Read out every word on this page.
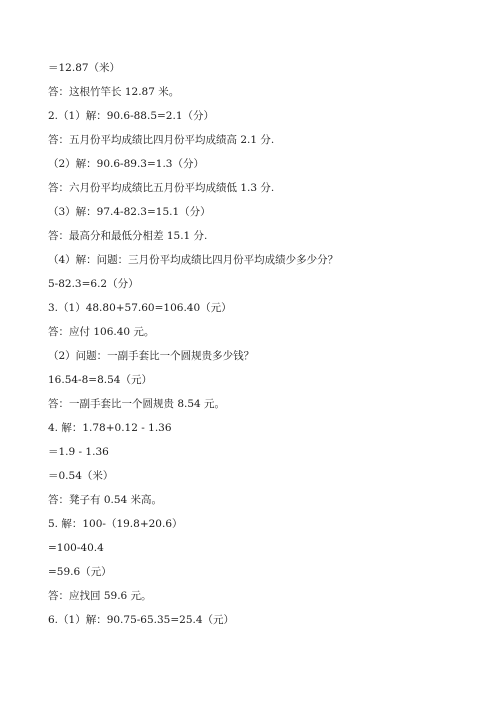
＝12.87（米）
答：这根竹竿长 12.87 米。
2.（1）解：90.6-88.5=2.1（分）
答：五月份平均成绩比四月份平均成绩高 2.1 分.
（2）解：90.6-89.3=1.3（分）
答：六月份平均成绩比五月份平均成绩低 1.3 分.
（3）解：97.4-82.3=15.1（分）
答：最高分和最低分相差 15.1 分.
（4）解：问题：三月份平均成绩比四月份平均成绩少多少分？
5-82.3=6.2（分）
3.（1）48.80+57.60=106.40（元）
答：应付 106.40 元。
（2）问题：一副手套比一个圆规贵多少钱？
16.54-8=8.54（元）
答：一副手套比一个圆规贵 8.54 元。
4. 解：1.78+0.12 - 1.36
＝1.9 - 1.36
＝0.54（米）
答：凳子有 0.54 米高。
5. 解：100-（19.8+20.6）
=100-40.4
=59.6（元）
答：应找回 59.6 元。
6.（1）解：90.75-65.35=25.4（元）
